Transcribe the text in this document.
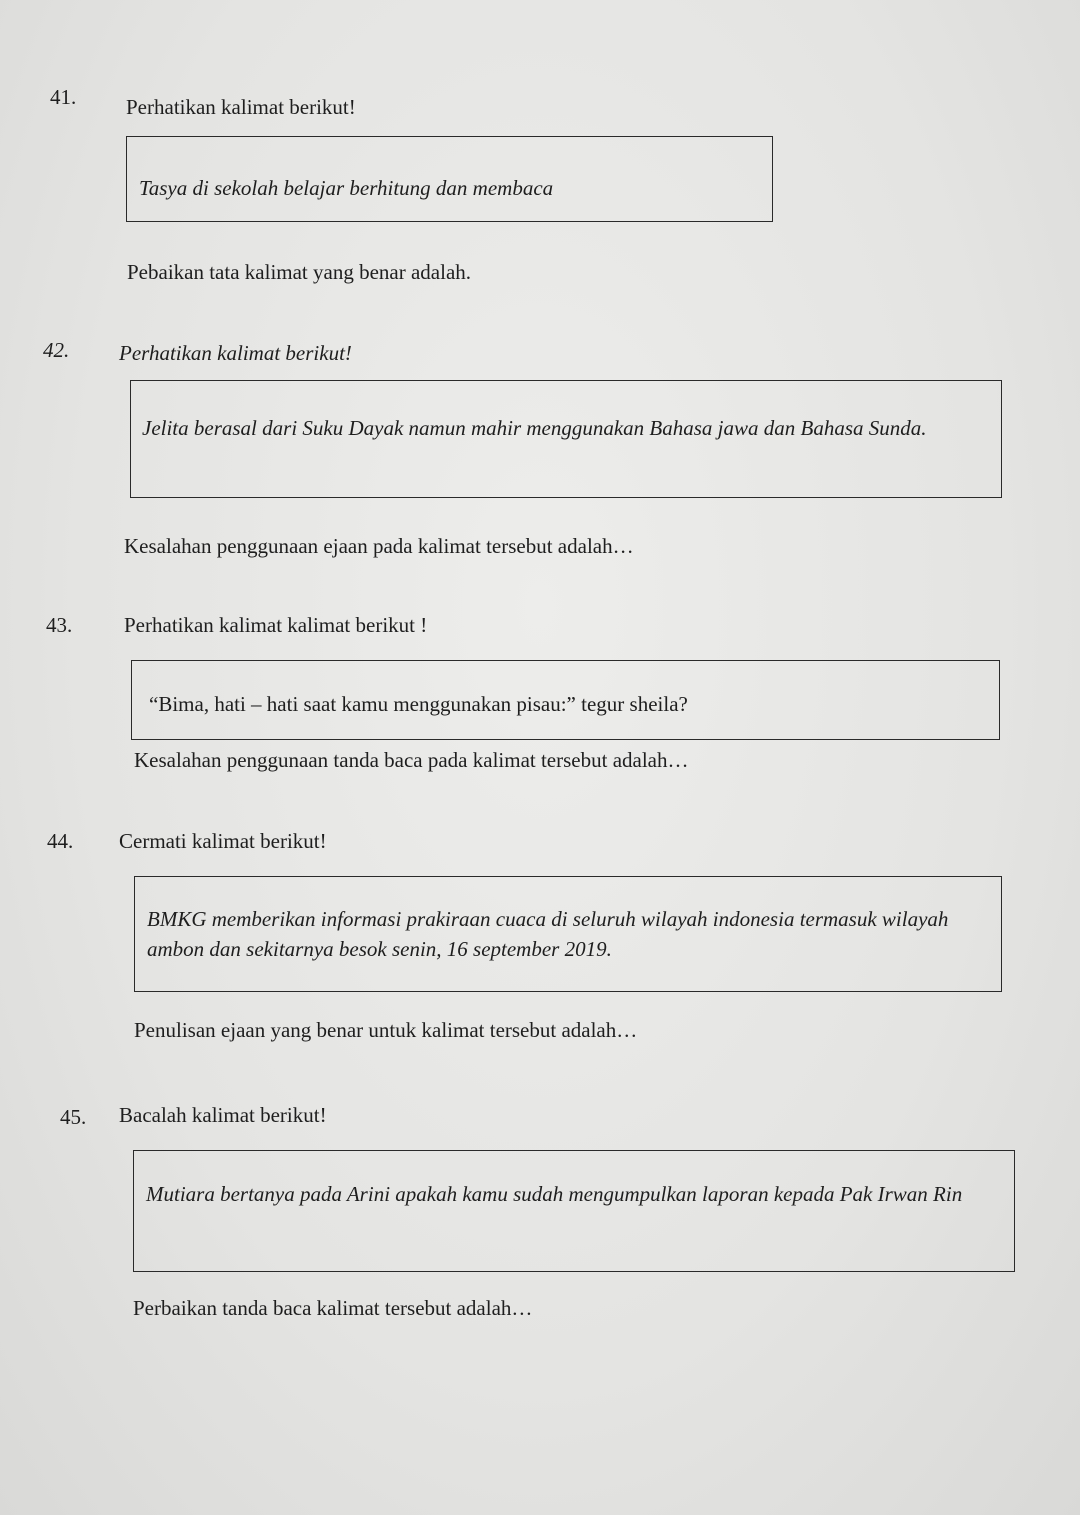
41. Perhatikan kalimat berikut!
Tasya di sekolah belajar berhitung dan membaca
Pebaikan tata kalimat yang benar adalah.
42. Perhatikan kalimat berikut!
Jelita berasal dari Suku Dayak namun mahir menggunakan Bahasa jawa dan Bahasa Sunda.
Kesalahan penggunaan ejaan pada kalimat tersebut adalah…
43. Perhatikan kalimat kalimat berikut !
“Bima, hati – hati saat kamu menggunakan pisau:” tegur sheila?
Kesalahan penggunaan tanda baca pada kalimat tersebut adalah…
44. Cermati kalimat berikut!
BMKG memberikan informasi prakiraan cuaca di seluruh wilayah indonesia termasuk wilayah ambon dan sekitarnya besok senin, 16 september 2019.
Penulisan ejaan yang benar untuk kalimat tersebut adalah…
45. Bacalah kalimat berikut!
Mutiara bertanya pada Arini apakah kamu sudah mengumpulkan laporan kepada Pak Irwan Rin
Perbaikan tanda baca kalimat tersebut adalah…
